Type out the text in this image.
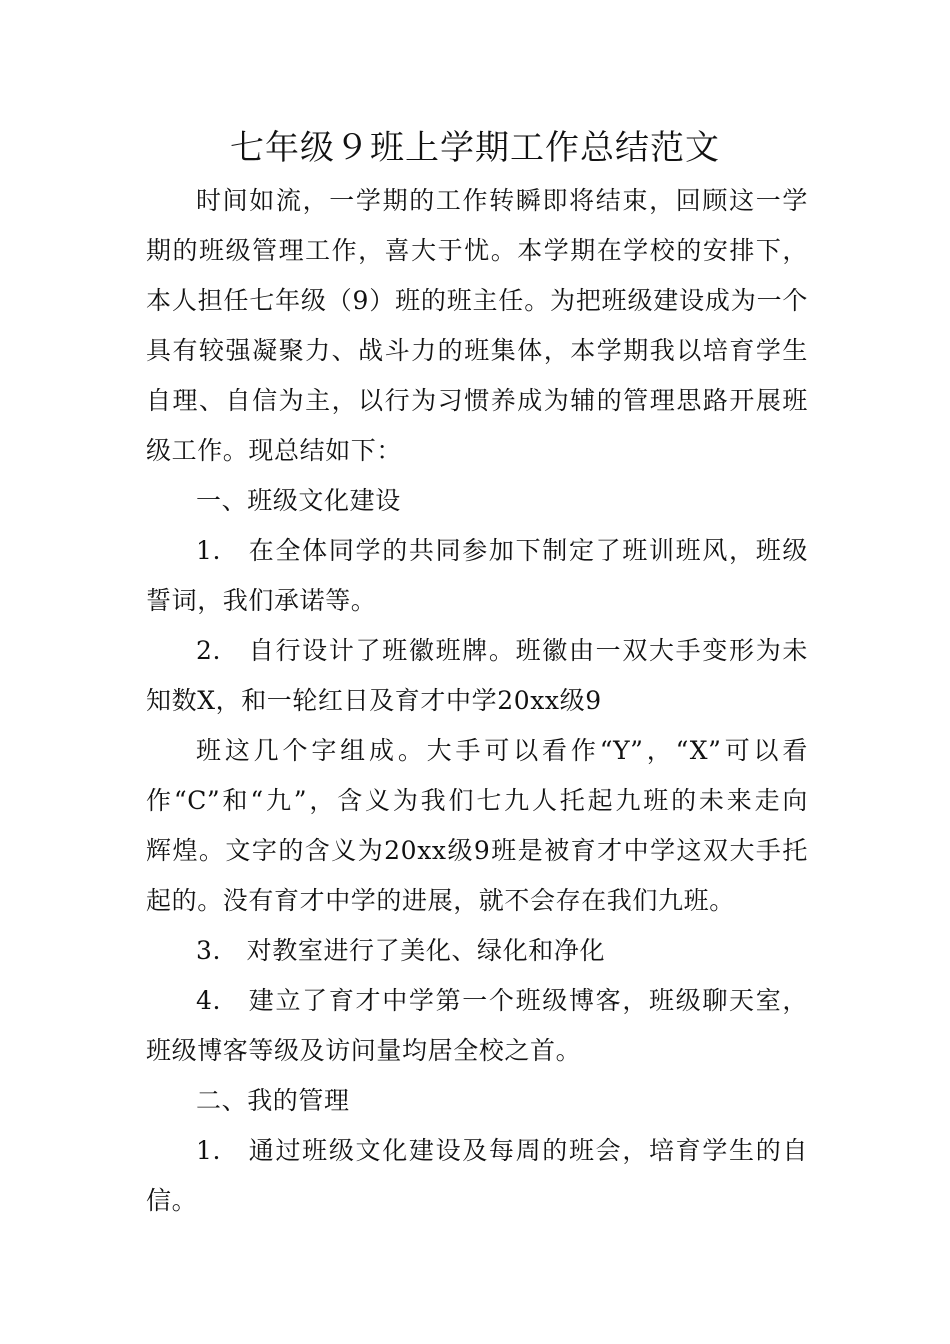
七年级９班上学期工作总结范文
时间如流，一学期的工作转瞬即将结束，回顾这一学
期的班级管理工作，喜大于忧。本学期在学校的安排下，
本人担任七年级（9）班的班主任。为把班级建设成为一个
具有较强凝聚力、战斗力的班集体，本学期我以培育学生
自理、自信为主，以行为习惯养成为辅的管理思路开展班
级工作。现总结如下：
一、班级文化建设
1.　在全体同学的共同参加下制定了班训班风，班级
誓词，我们承诺等。
2.　自行设计了班徽班牌。班徽由一双大手变形为未
知数X，和一轮红日及育才中学20xx级9
班这几个字组成。大手可以看作“Y”，“X”可以看
作“C”和“九”，含义为我们七九人托起九班的未来走向
辉煌。文字的含义为20xx级9班是被育才中学这双大手托
起的。没有育才中学的进展，就不会存在我们九班。
3.　对教室进行了美化、绿化和净化
4.　建立了育才中学第一个班级博客，班级聊天室，
班级博客等级及访问量均居全校之首。
二、我的管理
1.　通过班级文化建设及每周的班会，培育学生的自
信。
